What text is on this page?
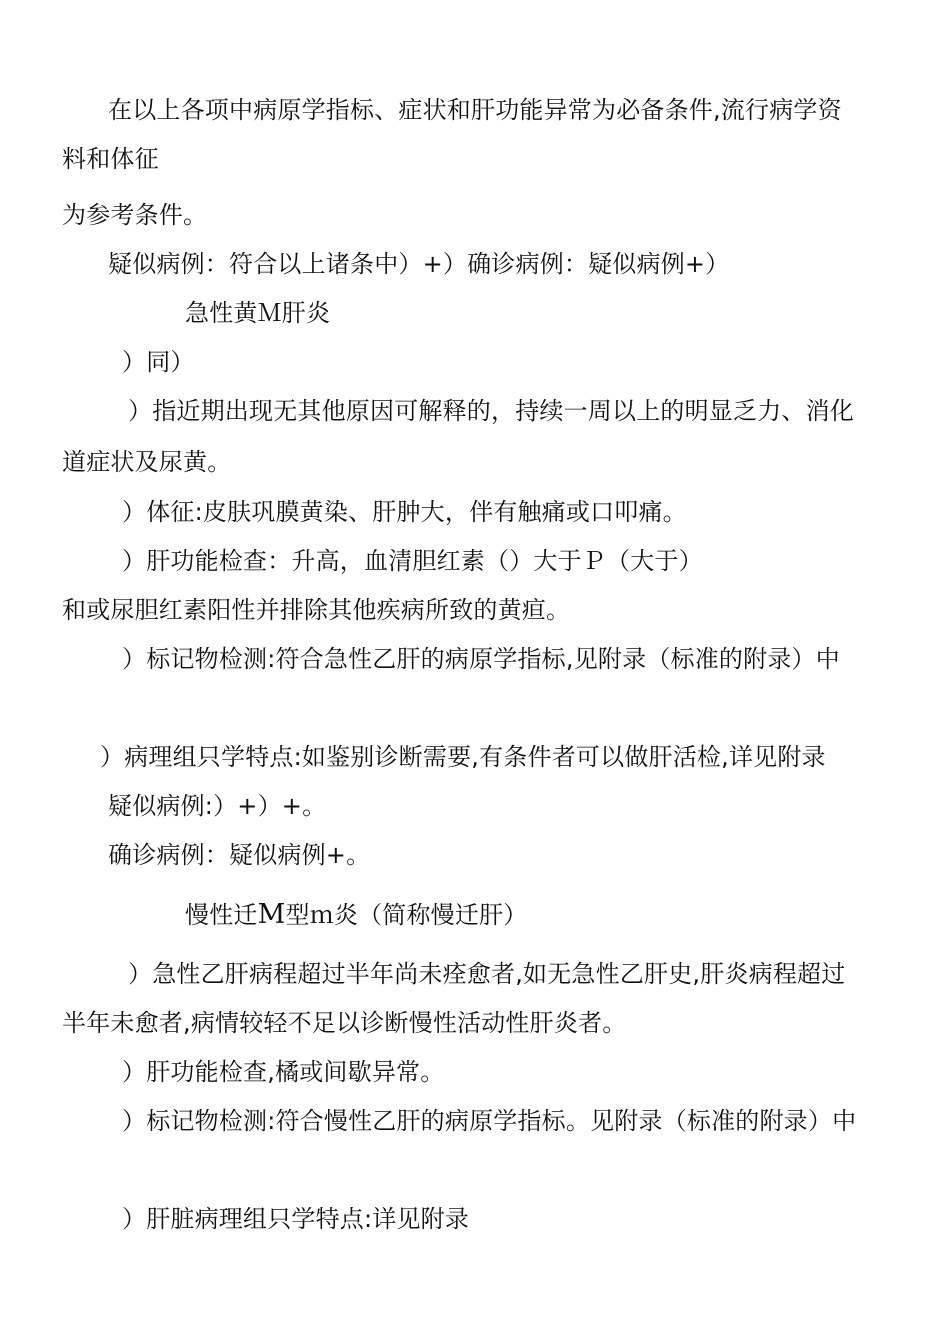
在以上各项中病原学指标、症状和肝功能异常为必备条件,流行病学资
料和体征
为参考条件。
疑似病例：符合以上诸条中）+）确诊病例：疑似病例+）
急性黄Ｍ肝炎
）同）
）指近期出现无其他原因可解释的，持续一周以上的明显乏力、消化
道症状及尿黄。
）体征:皮肤巩膜黄染、肝肿大，伴有触痛或口叩痛。
）肝功能检查：升高，血清胆红素（）大于Ｐ（大于）
和或尿胆红素阳性并排除其他疾病所致的黄疸。
）标记物检测:符合急性乙肝的病原学指标,见附录（标准的附录）中
）病理组只学特点:如鉴别诊断需要,有条件者可以做肝活检,详见附录
疑似病例:）+）+。
确诊病例：疑似病例+。
慢性迁M型ｍ炎（简称慢迁肝）
）急性乙肝病程超过半年尚未痊愈者,如无急性乙肝史,肝炎病程超过
半年未愈者,病情较轻不足以诊断慢性活动性肝炎者。
）肝功能检查,橘或间歇异常。
）标记物检测:符合慢性乙肝的病原学指标。见附录（标准的附录）中
）肝脏病理组只学特点:详见附录
